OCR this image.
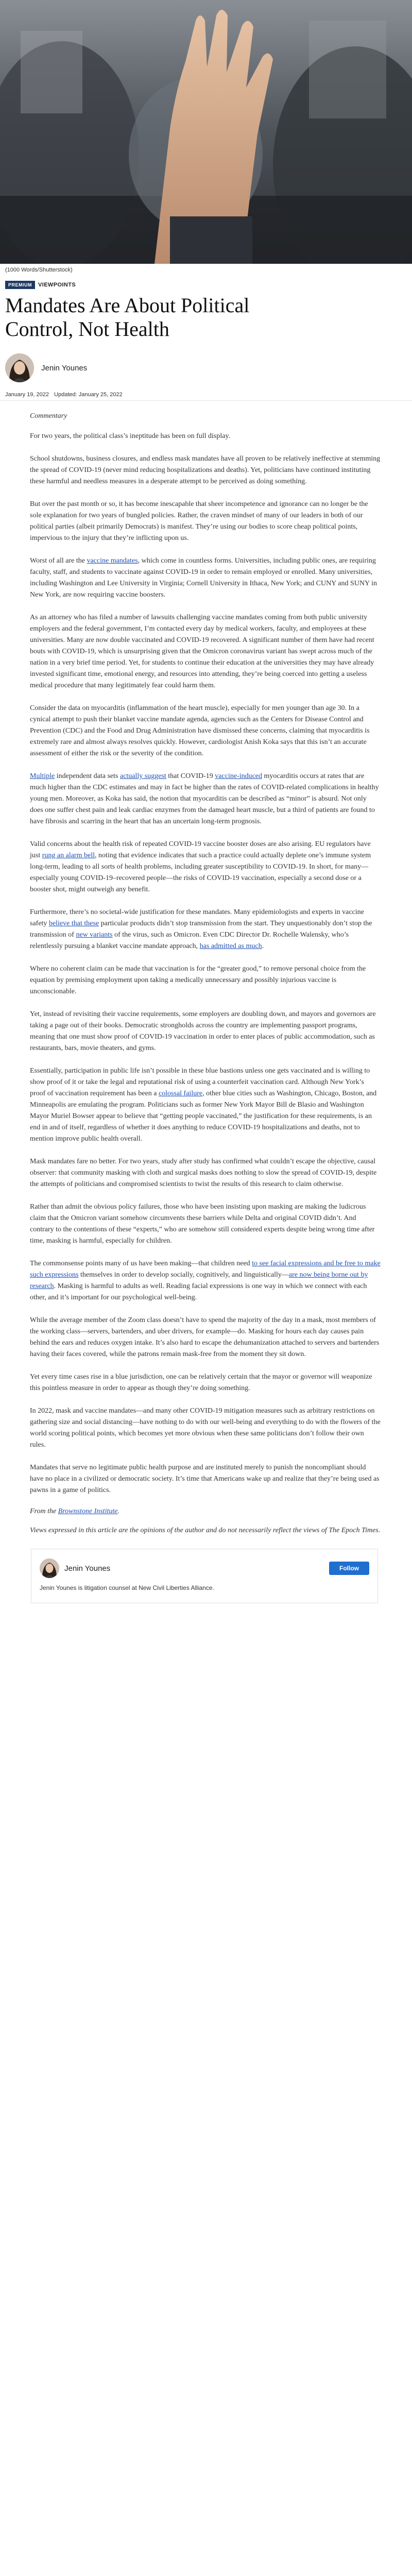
(1000 Words/Shutterstock)
PREMIUM	VIEWPOINTS
Mandates Are About Political Control, Not Health
Jenin Younes
January 19, 2022 Updated: January 25, 2022
Commentary

For two years, the political class’s ineptitude has been on full display.

School shutdowns, business closures, and endless mask mandates have all proven to be relatively ineffective at stemming the spread of COVID-19 (never mind reducing hospitalizations and deaths). Yet, politicians have continued instituting these harmful and needless measures in a desperate attempt to be perceived as doing something.

But over the past month or so, it has become inescapable that sheer incompetence and ignorance can no longer be the sole explanation for two years of bungled policies. Rather, the craven mindset of many of our leaders in both of our political parties (albeit primarily Democrats) is manifest. They’re using our bodies to score cheap political points, impervious to the injury that they’re inflicting upon us.

Worst of all are the vaccine mandates, which come in countless forms. Universities, including public ones, are requiring faculty, staff, and students to vaccinate against COVID-19 in order to remain employed or enrolled. Many universities, including Washington and Lee University in Virginia; Cornell University in Ithaca, New York; and CUNY and SUNY in New York, are now requiring vaccine boosters.

As an attorney who has filed a number of lawsuits challenging vaccine mandates coming from both public university employers and the federal government, I’m contacted every day by medical workers, faculty, and employees at these universities. Many are now double vaccinated and COVID-19 recovered. A significant number of them have had recent bouts with COVID-19, which is unsurprising given that the Omicron coronavirus variant has swept across much of the nation in a very brief time period. Yet, for students to continue their education at the universities they may have already invested significant time, emotional energy, and resources into attending, they’re being coerced into getting a useless medical procedure that many legitimately fear could harm them.

Consider the data on myocarditis (inflammation of the heart muscle), especially for men younger than age 30. In a cynical attempt to push their blanket vaccine mandate agenda, agencies such as the Centers for Disease Control and Prevention (CDC) and the Food and Drug Administration have dismissed these concerns, claiming that myocarditis is extremely rare and almost always resolves quickly. However, cardiologist Anish Koka says that this isn’t an accurate assessment of either the risk or the severity of the condition.

Multiple independent data sets actually suggest that COVID-19 vaccine-induced myocarditis occurs at rates that are much higher than the CDC estimates and may in fact be higher than the rates of COVID-related complications in healthy young men. Moreover, as Koka has said, the notion that myocarditis can be described as “minor” is absurd. Not only does one suffer chest pain and leak cardiac enzymes from the damaged heart muscle, but a third of patients are found to have fibrosis and scarring in the heart that has an uncertain long-term prognosis.

Valid concerns about the health risk of repeated COVID-19 vaccine booster doses are also arising. EU regulators have just rung an alarm bell, noting that evidence indicates that such a practice could actually deplete one’s immune system long-term, leading to all sorts of health problems, including greater susceptibility to COVID-19. In short, for many—especially young COVID-19–recovered people—the risks of COVID-19 vaccination, especially a second dose or a booster shot, might outweigh any benefit.

Furthermore, there’s no societal-wide justification for these mandates. Many epidemiologists and experts in vaccine safety believe that these particular products didn’t stop transmission from the start. They unquestionably don’t stop the transmission of new variants of the virus, such as Omicron. Even CDC Director Dr. Rochelle Walensky, who’s relentlessly pursuing a blanket vaccine mandate approach, has admitted as much.

Where no coherent claim can be made that vaccination is for the “greater good,” to remove personal choice from the equation by premising employment upon taking a medically unnecessary and possibly injurious vaccine is unconscionable.

Yet, instead of revisiting their vaccine requirements, some employers are doubling down, and mayors and governors are taking a page out of their books. Democratic strongholds across the country are implementing passport programs, meaning that one must show proof of COVID-19 vaccination in order to enter places of public accommodation, such as restaurants, bars, movie theaters, and gyms.

Essentially, participation in public life isn’t possible in these blue bastions unless one gets vaccinated and is willing to show proof of it or take the legal and reputational risk of using a counterfeit vaccination card. Although New York’s proof of vaccination requirement has been a colossal failure, other blue cities such as Washington, Chicago, Boston, and Minneapolis are emulating the program. Politicians such as former New York Mayor Bill de Blasio and Washington Mayor Muriel Bowser appear to believe that “getting people vaccinated,” the justification for these requirements, is an end in and of itself, regardless of whether it does anything to reduce COVID-19 hospitalizations and deaths, not to mention improve public health overall.

Mask mandates fare no better. For two years, study after study has confirmed what couldn’t escape the objective, causal observer: that community masking with cloth and surgical masks does nothing to slow the spread of COVID-19, despite the attempts of politicians and compromised scientists to twist the results of this research to claim otherwise.

Rather than admit the obvious policy failures, those who have been insisting upon masking are making the ludicrous claim that the Omicron variant somehow circumvents these barriers while Delta and original COVID didn’t. And contrary to the contentions of these “experts,” who are somehow still considered experts despite being wrong time after time, masking is harmful, especially for children.

The commonsense points many of us have been making—that children need to see facial expressions and be free to make such expressions themselves in order to develop socially, cognitively, and linguistically—are now being borne out by research. Masking is harmful to adults as well. Reading facial expressions is one way in which we connect with each other, and it’s important for our psychological well-being.

While the average member of the Zoom class doesn’t have to spend the majority of the day in a mask, most members of the working class—servers, bartenders, and uber drivers, for example—do. Masking for hours each day causes pain behind the ears and reduces oxygen intake. It’s also hard to escape the dehumanization attached to servers and bartenders having their faces covered, while the patrons remain mask-free from the moment they sit down.

Yet every time cases rise in a blue jurisdiction, one can be relatively certain that the mayor or governor will weaponize this pointless measure in order to appear as though they’re doing something.

In 2022, mask and vaccine mandates—and many other COVID-19 mitigation measures such as arbitrary restrictions on gathering size and social distancing—have nothing to do with our well-being and everything to do with the flowers of the world scoring political points, which becomes yet more obvious when these same politicians don’t follow their own rules.

Mandates that serve no legitimate public health purpose and are instituted merely to punish the noncompliant should have no place in a civilized or democratic society. It’s time that Americans wake up and realize that they’re being used as pawns in a game of politics.

From the Brownstone Institute.
Views expressed in this article are the opinions of the author and do not necessarily reflect the views of The Epoch Times.
Jenin Younes	Follow
Jenin Younes is litigation counsel at New Civil Liberties Alliance.
